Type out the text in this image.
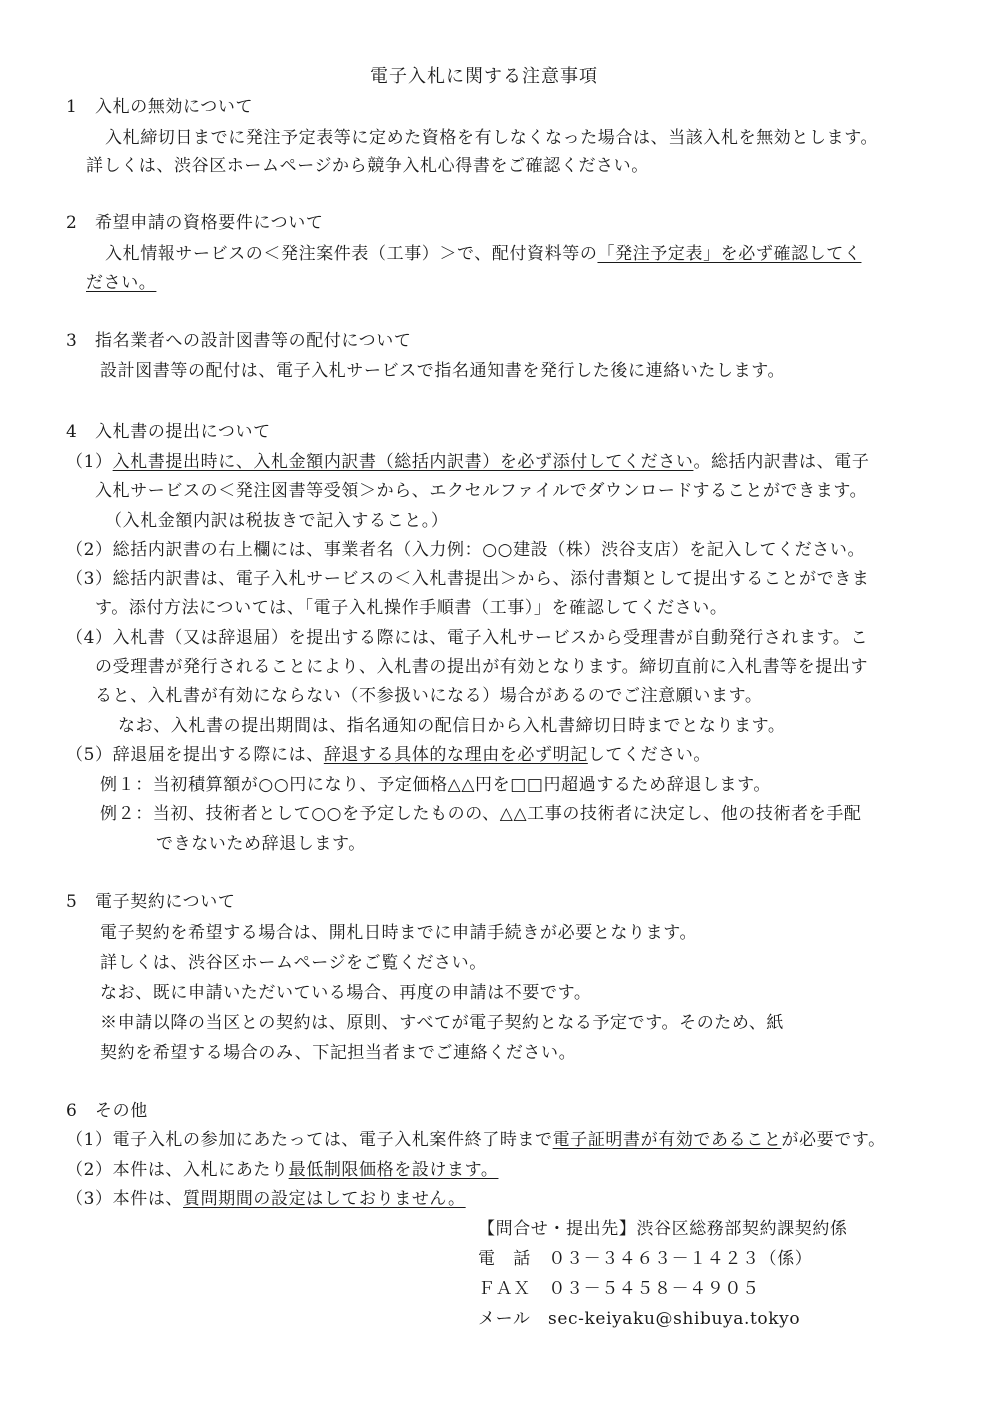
電子入札に関する注意事項
1　入札の無効について
入札締切日までに発注予定表等に定めた資格を有しなくなった場合は、当該入札を無効とします。
詳しくは、渋谷区ホームページから競争入札心得書をご確認ください。
2　希望申請の資格要件について
入札情報サービスの＜発注案件表（工事）＞で、配付資料等の「発注予定表」を必ず確認してく
ださい。
3　指名業者への設計図書等の配付について
設計図書等の配付は、電子入札サービスで指名通知書を発行した後に連絡いたします。
4　入札書の提出について
（1）入札書提出時に、入札金額内訳書（総括内訳書）を必ず添付してください。総括内訳書は、電子
入札サービスの＜発注図書等受領＞から、エクセルファイルでダウンロードすることができます。
（入札金額内訳は税抜きで記入すること。）
（2）総括内訳書の右上欄には、事業者名（入力例：○○建設（株）渋谷支店）を記入してください。
（3）総括内訳書は、電子入札サービスの＜入札書提出＞から、添付書類として提出することができま
す。添付方法については、「電子入札操作手順書（工事）」を確認してください。
（4）入札書（又は辞退届）を提出する際には、電子入札サービスから受理書が自動発行されます。こ
の受理書が発行されることにより、入札書の提出が有効となります。締切直前に入札書等を提出す
ると、入札書が有効にならない（不参扱いになる）場合があるのでご注意願います。
なお、入札書の提出期間は、指名通知の配信日から入札書締切日時までとなります。
（5）辞退届を提出する際には、辞退する具体的な理由を必ず明記してください。
例１：当初積算額が○○円になり、予定価格△△円を□□円超過するため辞退します。
例２：当初、技術者として○○を予定したものの、△△工事の技術者に決定し、他の技術者を手配
できないため辞退します。
5　電子契約について
電子契約を希望する場合は、開札日時までに申請手続きが必要となります。
詳しくは、渋谷区ホームページをご覧ください。
なお、既に申請いただいている場合、再度の申請は不要です。
※申請以降の当区との契約は、原則、すべてが電子契約となる予定です。そのため、紙
契約を希望する場合のみ、下記担当者までご連絡ください。
6　その他
（1）電子入札の参加にあたっては、電子入札案件終了時まで電子証明書が有効であることが必要です。
（2）本件は、入札にあたり最低制限価格を設けます。
（3）本件は、質問期間の設定はしておりません。
【問合せ・提出先】渋谷区総務部契約課契約係
電　話　０３－３４６３－１４２３（係）
ＦＡＸ　０３－５４５８－４９０５
メール　sec-keiyaku@shibuya.tokyo
